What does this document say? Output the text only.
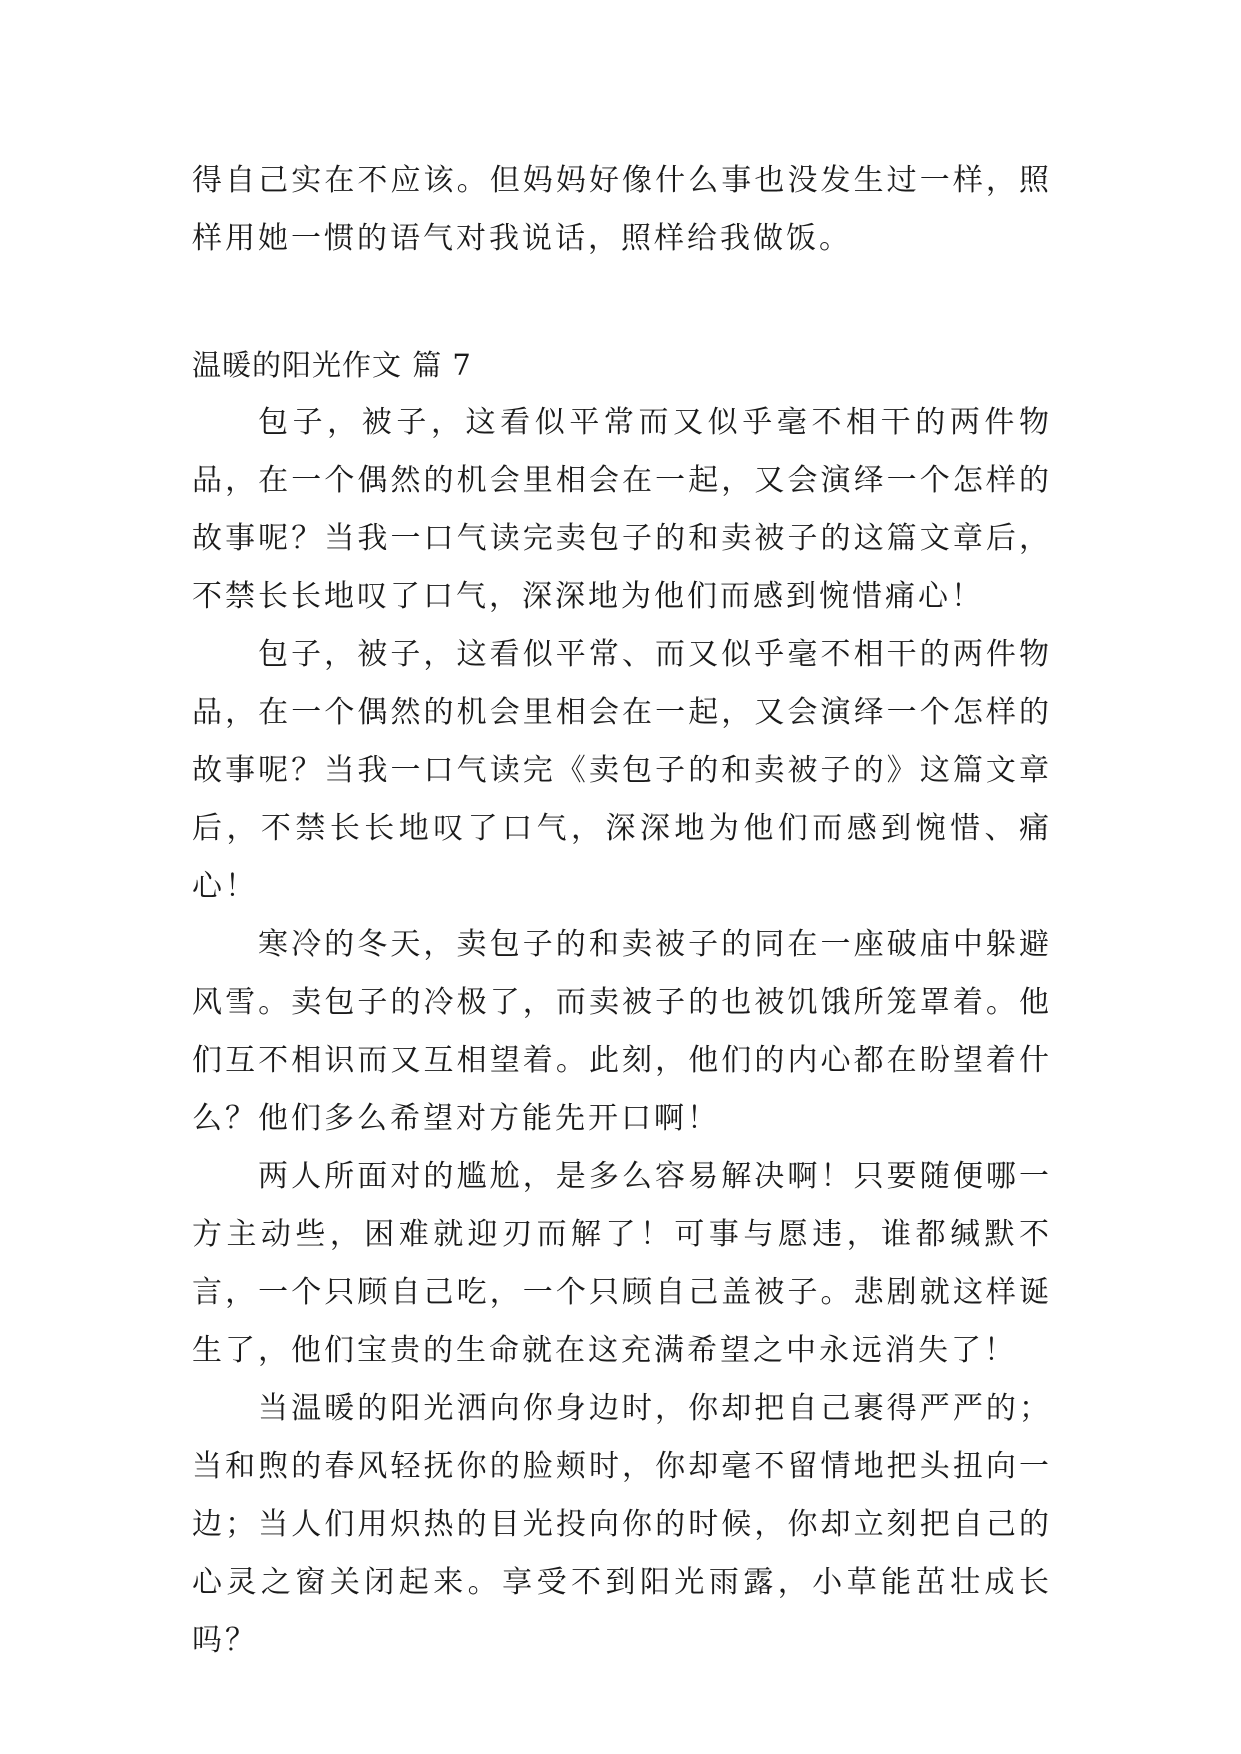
得自己实在不应该。但妈妈好像什么事也没发生过一样，照样用她一惯的语气对我说话，照样给我做饭。

温暖的阳光作文 篇 7

包子，被子，这看似平常而又似乎毫不相干的两件物品，在一个偶然的机会里相会在一起，又会演绎一个怎样的故事呢？当我一口气读完卖包子的和卖被子的这篇文章后，不禁长长地叹了口气，深深地为他们而感到惋惜痛心！

包子，被子，这看似平常、而又似乎毫不相干的两件物品，在一个偶然的机会里相会在一起，又会演绎一个怎样的故事呢？当我一口气读完《卖包子的和卖被子的》这篇文章后，不禁长长地叹了口气，深深地为他们而感到惋惜、痛心！

寒冷的冬天，卖包子的和卖被子的同在一座破庙中躲避风雪。卖包子的冷极了，而卖被子的也被饥饿所笼罩着。他们互不相识而又互相望着。此刻，他们的内心都在盼望着什么？他们多么希望对方能先开口啊！

两人所面对的尴尬，是多么容易解决啊！只要随便哪一方主动些，困难就迎刃而解了！可事与愿违，谁都缄默不言，一个只顾自己吃，一个只顾自己盖被子。悲剧就这样诞生了，他们宝贵的生命就在这充满希望之中永远消失了！

当温暖的阳光洒向你身边时，你却把自己裹得严严的；当和煦的春风轻抚你的脸颊时，你却毫不留情地把头扭向一边；当人们用炽热的目光投向你的时候，你却立刻把自己的心灵之窗关闭起来。享受不到阳光雨露，小草能茁壮成长吗？
